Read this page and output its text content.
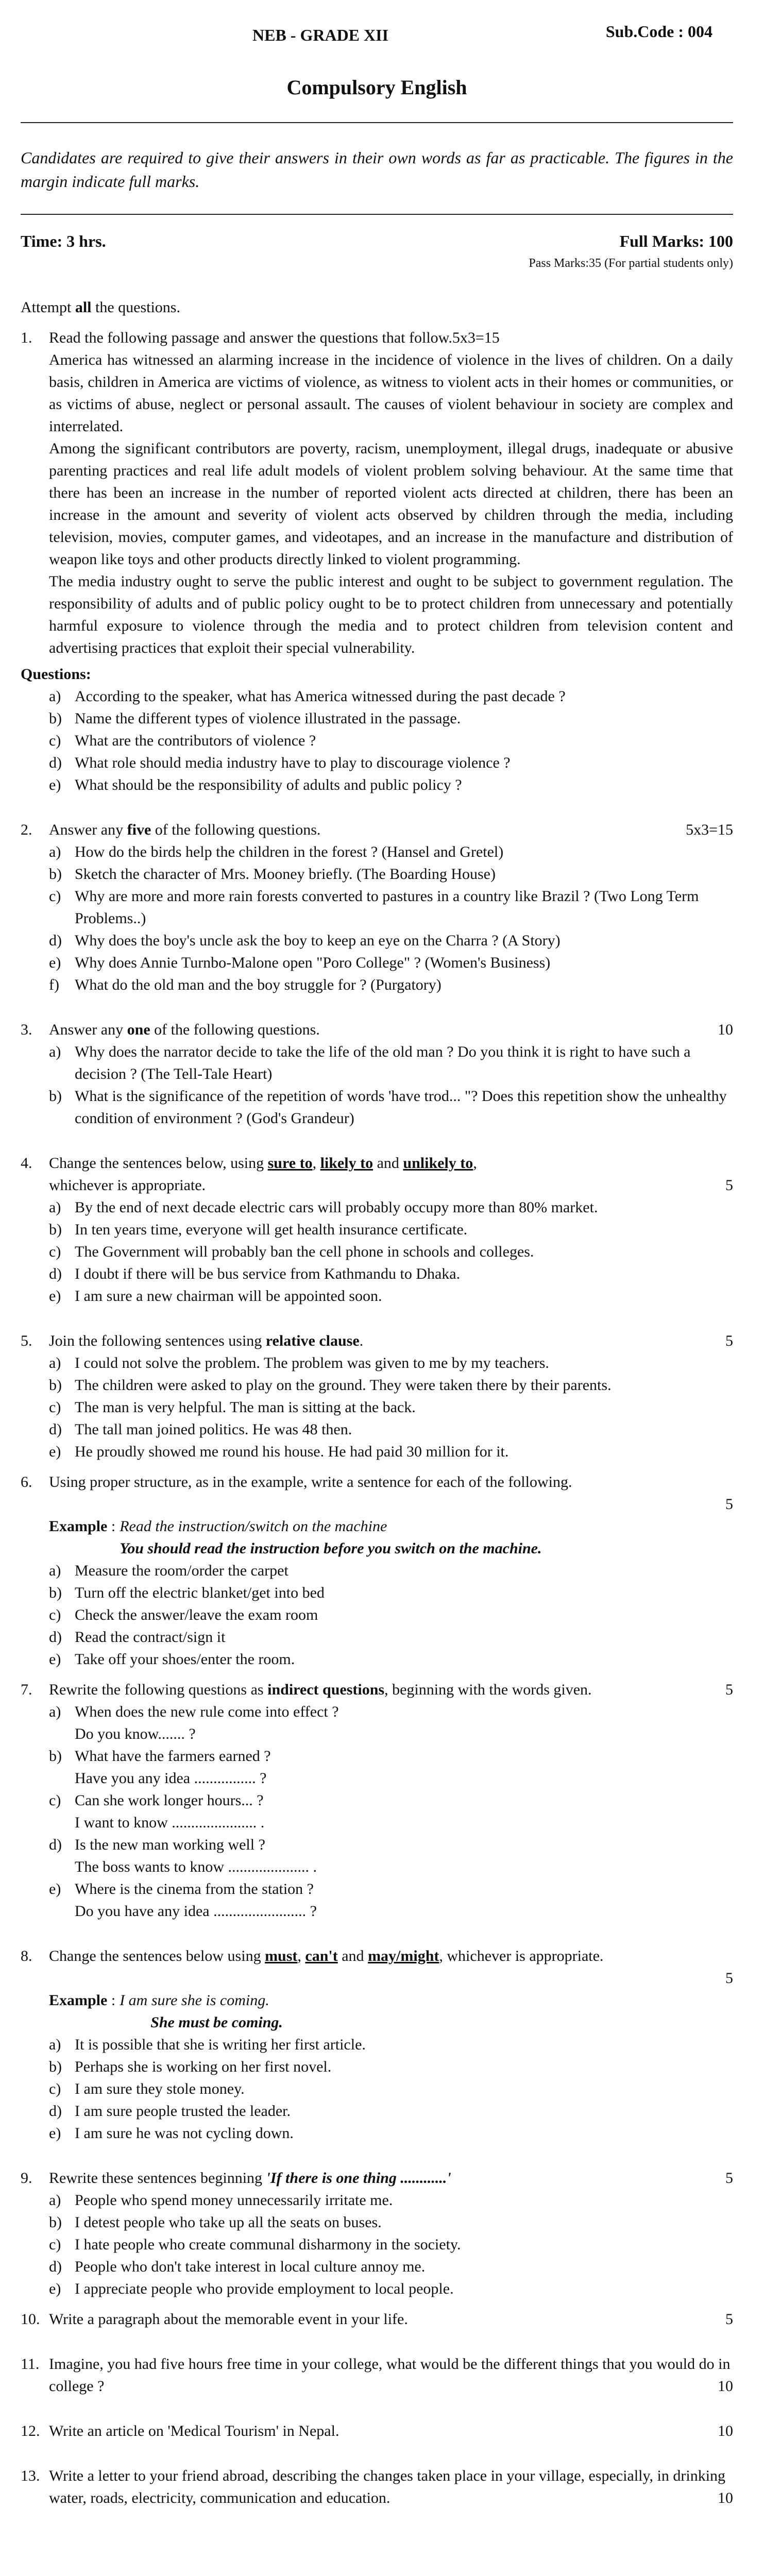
Sub.Code : 004
NEB - GRADE XII
Compulsory English
Candidates are required to give their answers in their own words as far as practicable. The figures in the margin indicate full marks.
Time: 3 hrs.	Full Marks: 100
Pass Marks:35 (For partial students only)
Attempt all the questions.
1.	Read the following passage and answer the questions that follow.5x3=15

America has witnessed an alarming increase in the incidence of violence in the lives of children. On a daily basis, children in America are victims of violence, as witness to violent acts in their homes or communities, or as victims of abuse, neglect or personal assault. The causes of violent behaviour in society are complex and interrelated.

Among the significant contributors are poverty, racism, unemployment, illegal drugs, inadequate or abusive parenting practices and real life adult models of violent problem solving behaviour. At the same time that there has been an increase in the number of reported violent acts directed at children, there has been an increase in the amount and severity of violent acts observed by children through the media, including television, movies, computer games, and videotapes, and an increase in the manufacture and distribution of weapon like toys and other products directly linked to violent programming.

The media industry ought to serve the public interest and ought to be subject to government regulation. The responsibility of adults and of public policy ought to be to protect children from unnecessary and potentially harmful exposure to violence through the media and to protect children from television content and advertising practices that exploit their special vulnerability.

Questions:
a) According to the speaker, what has America witnessed during the past decade ?
b) Name the different types of violence illustrated in the passage.
c) What are the contributors of violence ?
d) What role should media industry have to play to discourage violence ?
e) What should be the responsibility of adults and public policy ?
2.	Answer any five of the following questions.	5x3=15
a) How do the birds help the children in the forest ? (Hansel and Gretel)
b) Sketch the character of Mrs. Mooney briefly. (The Boarding House)
c) Why are more and more rain forests converted to pastures in a country like Brazil ? (Two Long Term Problems..)
d) Why does the boy's uncle ask the boy to keep an eye on the Charra ? (A Story)
e) Why does Annie Turnbo-Malone open "Poro College" ? (Women's Business)
f)	What do the old man and the boy struggle for ? (Purgatory)
3.	Answer any one of the following questions.	10
a) Why does the narrator decide to take the life of the old man ? Do you think it is right to have such a decision ? (The Tell-Tale Heart)
b) What is the significance of the repetition of words 'have trod... "? Does this repetition show the unhealthy condition of environment ? (God's Grandeur)
4.	Change the sentences below, using sure to, likely to and unlikely to,
whichever is appropriate.	5
a) By the end of next decade electric cars will probably occupy more than 80% market.
b) In ten years time, everyone will get health insurance certificate.
c) The Government will probably ban the cell phone in schools and colleges.
d) I doubt if there will be bus service from Kathmandu to Dhaka.
e) I am sure a new chairman will be appointed soon.
5.	Join the following sentences using relative clause.	5
a) I could not solve the problem. The problem was given to me by my teachers.
b) The children were asked to play on the ground. They were taken there by their parents.
c) The man is very helpful. The man is sitting at the back.
d) The tall man joined politics. He was 48 then.
e) He proudly showed me round his house. He had paid 30 million for it.
6.	Using proper structure, as in the example, write a sentence for each of the following.
5
Example : Read the instruction/switch on the machine
You should read the instruction before you switch on the machine.
a) Measure the room/order the carpet
b) Turn off the electric blanket/get into bed
c) Check the answer/leave the exam room
d) Read the contract/sign it
e) Take off your shoes/enter the room.
7.	Rewrite the following questions as indirect questions, beginning with the words given.	5
a) When does the new rule come into effect ?
Do you know....... ?
b) What have the farmers earned ?
Have you any idea ................ ?
c) Can she work longer hours... ?
I want to know ...................... .
d) Is the new man working well ?
The boss wants to know ..................... .
e) Where is the cinema from the station ?
Do you have any idea ........................ ?
8.	Change the sentences below using must, can't and may/might, whichever is appropriate.
5
Example : I am sure she is coming.
She must be coming.
a) It is possible that she is writing her first article.
b) Perhaps she is working on her first novel.
c) I am sure they stole money.
d) I am sure people trusted the leader.
e) I am sure he was not cycling down.
9.	Rewrite these sentences beginning 'If there is one thing ............'	5
a) People who spend money unnecessarily irritate me.
b) I detest people who take up all the seats on buses.
c) I hate people who create communal disharmony in the society.
d) People who don't take interest in local culture annoy me.
e) I appreciate people who provide employment to local people.
10. Write a paragraph about the memorable event in your life.	5
11. Imagine, you had five hours free time in your college, what would be the different things that you would do in college ?	10
12. Write an article on 'Medical Tourism' in Nepal.	10
13. Write a letter to your friend abroad, describing the changes taken place in your village, especially, in drinking water, roads, electricity, communication and education.	10
